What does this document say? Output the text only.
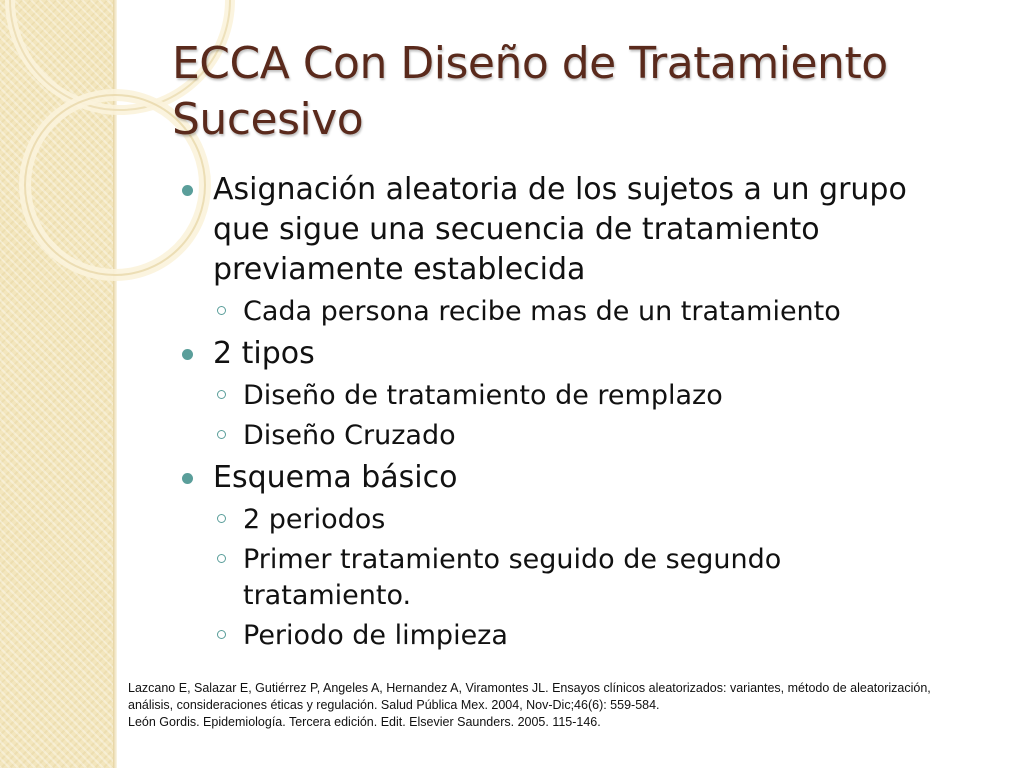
ECCA Con Diseño de Tratamiento
Sucesivo
Asignación aleatoria de los sujetos a un grupo que sigue una secuencia de tratamiento previamente establecida
Cada persona recibe mas de un tratamiento
2 tipos
Diseño de tratamiento de remplazo
Diseño Cruzado
Esquema básico
2 periodos
Primer tratamiento seguido de segundo tratamiento.
Periodo de limpieza
Lazcano E, Salazar E, Gutiérrez P, Angeles A, Hernandez A, Viramontes JL. Ensayos clínicos aleatorizados: variantes, método de aleatorización,
análisis, consideraciones éticas y regulación. Salud Pública Mex. 2004, Nov-Dic;46(6): 559-584.
León Gordis. Epidemiología. Tercera edición. Edit. Elsevier Saunders. 2005. 115-146.
